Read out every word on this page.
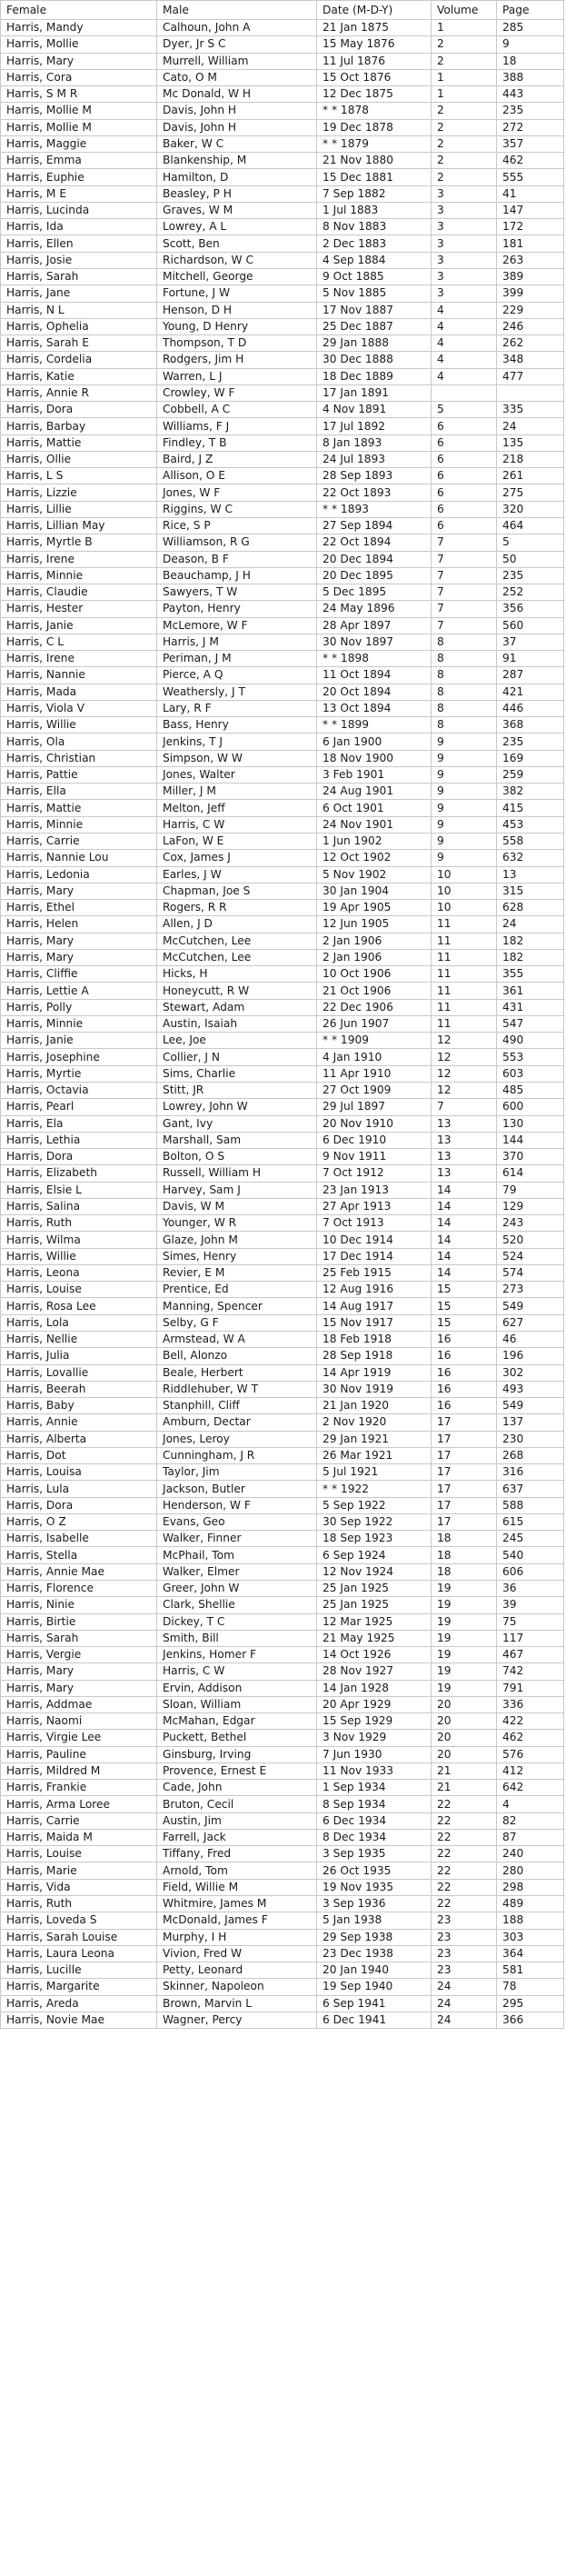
Female	Male	Date (M-D-Y)	Volume	Page
Harris, Mandy	Calhoun, John A	21 Jan 1875	1	285
Harris, Mollie	Dyer, Jr S C	15 May 1876	2	9
Harris, Mary	Murrell, William	11 Jul 1876	2	18
Harris, Cora	Cato, O M	15 Oct 1876	1	388
Harris, S M R	Mc Donald, W H	12 Dec 1875	1	443
Harris, Mollie M	Davis, John H	* * 1878	2	235
Harris, Mollie M	Davis, John H	19 Dec 1878	2	272
Harris, Maggie	Baker, W C	* * 1879	2	357
Harris, Emma	Blankenship, M	21 Nov 1880	2	462
Harris, Euphie	Hamilton, D	15 Dec 1881	2	555
Harris, M E	Beasley, P H	7 Sep 1882	3	41
Harris, Lucinda	Graves, W M	1 Jul 1883	3	147
Harris, Ida	Lowrey, A L	8 Nov 1883	3	172
Harris, Ellen	Scott, Ben	2 Dec 1883	3	181
Harris, Josie	Richardson, W C	4 Sep 1884	3	263
Harris, Sarah	Mitchell, George	9 Oct 1885	3	389
Harris, Jane	Fortune, J W	5 Nov 1885	3	399
Harris, N L	Henson, D H	17 Nov 1887	4	229
Harris, Ophelia	Young, D Henry	25 Dec 1887	4	246
Harris, Sarah E	Thompson, T D	29 Jan 1888	4	262
Harris, Cordelia	Rodgers, Jim H	30 Dec 1888	4	348
Harris, Katie	Warren, L J	18 Dec 1889	4	477
Harris, Annie R	Crowley, W F	17 Jan 1891		
Harris, Dora	Cobbell, A C	4 Nov 1891	5	335
Harris, Barbay	Williams, F J	17 Jul 1892	6	24
Harris, Mattie	Findley, T B	8 Jan 1893	6	135
Harris, Ollie	Baird, J Z	24 Jul 1893	6	218
Harris, L S	Allison, O E	28 Sep 1893	6	261
Harris, Lizzie	Jones, W F	22 Oct 1893	6	275
Harris, Lillie	Riggins, W C	* * 1893	6	320
Harris, Lillian May	Rice, S P	27 Sep 1894	6	464
Harris, Myrtle B	Williamson, R G	22 Oct 1894	7	5
Harris, Irene	Deason, B F	20 Dec 1894	7	50
Harris, Minnie	Beauchamp, J H	20 Dec 1895	7	235
Harris, Claudie	Sawyers, T W	5 Dec 1895	7	252
Harris, Hester	Payton, Henry	24 May 1896	7	356
Harris, Janie	McLemore, W F	28 Apr 1897	7	560
Harris, C L	Harris, J M	30 Nov 1897	8	37
Harris, Irene	Periman, J M	* * 1898	8	91
Harris, Nannie	Pierce, A Q	11 Oct 1894	8	287
Harris, Mada	Weathersly, J T	20 Oct 1894	8	421
Harris, Viola V	Lary, R F	13 Oct 1894	8	446
Harris, Willie	Bass, Henry	* * 1899	8	368
Harris, Ola	Jenkins, T J	6 Jan 1900	9	235
Harris, Christian	Simpson, W W	18 Nov 1900	9	169
Harris, Pattie	Jones, Walter	3 Feb 1901	9	259
Harris, Ella	Miller, J M	24 Aug 1901	9	382
Harris, Mattie	Melton, Jeff	6 Oct 1901	9	415
Harris, Minnie	Harris, C W	24 Nov 1901	9	453
Harris, Carrie	LaFon, W E	1 Jun 1902	9	558
Harris, Nannie Lou	Cox, James J	12 Oct 1902	9	632
Harris, Ledonia	Earles, J W	5 Nov 1902	10	13
Harris, Mary	Chapman, Joe S	30 Jan 1904	10	315
Harris, Ethel	Rogers, R R	19 Apr 1905	10	628
Harris, Helen	Allen, J D	12 Jun 1905	11	24
Harris, Mary	McCutchen, Lee	2 Jan 1906	11	182
Harris, Mary	McCutchen, Lee	2 Jan 1906	11	182
Harris, Cliffie	Hicks, H	10 Oct 1906	11	355
Harris, Lettie A	Honeycutt, R W	21 Oct 1906	11	361
Harris, Polly	Stewart, Adam	22 Dec 1906	11	431
Harris, Minnie	Austin, Isaiah	26 Jun 1907	11	547
Harris, Janie	Lee, Joe	* * 1909	12	490
Harris, Josephine	Collier, J N	4 Jan 1910	12	553
Harris, Myrtie	Sims, Charlie	11 Apr 1910	12	603
Harris, Octavia	Stitt, JR	27 Oct 1909	12	485
Harris, Pearl	Lowrey, John W	29 Jul 1897	7	600
Harris, Ela	Gant, Ivy	20 Nov 1910	13	130
Harris, Lethia	Marshall, Sam	6 Dec 1910	13	144
Harris, Dora	Bolton, O S	9 Nov 1911	13	370
Harris, Elizabeth	Russell, William H	7 Oct 1912	13	614
Harris, Elsie L	Harvey, Sam J	23 Jan 1913	14	79
Harris, Salina	Davis, W M	27 Apr 1913	14	129
Harris, Ruth	Younger, W R	7 Oct 1913	14	243
Harris, Wilma	Glaze, John M	10 Dec 1914	14	520
Harris, Willie	Simes, Henry	17 Dec 1914	14	524
Harris, Leona	Revier, E M	25 Feb 1915	14	574
Harris, Louise	Prentice, Ed	12 Aug 1916	15	273
Harris, Rosa Lee	Manning, Spencer	14 Aug 1917	15	549
Harris, Lola	Selby, G F	15 Nov 1917	15	627
Harris, Nellie	Armstead, W A	18 Feb 1918	16	46
Harris, Julia	Bell, Alonzo	28 Sep 1918	16	196
Harris, Lovallie	Beale, Herbert	14 Apr 1919	16	302
Harris, Beerah	Riddlehuber, W T	30 Nov 1919	16	493
Harris, Baby	Stanphill, Cliff	21 Jan 1920	16	549
Harris, Annie	Amburn, Dectar	2 Nov 1920	17	137
Harris, Alberta	Jones, Leroy	29 Jan 1921	17	230
Harris, Dot	Cunningham, J R	26 Mar 1921	17	268
Harris, Louisa	Taylor, Jim	5 Jul 1921	17	316
Harris, Lula	Jackson, Butler	* * 1922	17	637
Harris, Dora	Henderson, W F	5 Sep 1922	17	588
Harris, O Z	Evans, Geo	30 Sep 1922	17	615
Harris, Isabelle	Walker, Finner	18 Sep 1923	18	245
Harris, Stella	McPhail, Tom	6 Sep 1924	18	540
Harris, Annie Mae	Walker, Elmer	12 Nov 1924	18	606
Harris, Florence	Greer, John W	25 Jan 1925	19	36
Harris, Ninie	Clark, Shellie	25 Jan 1925	19	39
Harris, Birtie	Dickey, T C	12 Mar 1925	19	75
Harris, Sarah	Smith, Bill	21 May 1925	19	117
Harris, Vergie	Jenkins, Homer F	14 Oct 1926	19	467
Harris, Mary	Harris, C W	28 Nov 1927	19	742
Harris, Mary	Ervin, Addison	14 Jan 1928	19	791
Harris, Addmae	Sloan, William	20 Apr 1929	20	336
Harris, Naomi	McMahan, Edgar	15 Sep 1929	20	422
Harris, Virgie Lee	Puckett, Bethel	3 Nov 1929	20	462
Harris, Pauline	Ginsburg, Irving	7 Jun 1930	20	576
Harris, Mildred M	Provence, Ernest E	11 Nov 1933	21	412
Harris, Frankie	Cade, John	1 Sep 1934	21	642
Harris, Arma Loree	Bruton, Cecil	8 Sep 1934	22	4
Harris, Carrie	Austin, Jim	6 Dec 1934	22	82
Harris, Maida M	Farrell, Jack	8 Dec 1934	22	87
Harris, Louise	Tiffany, Fred	3 Sep 1935	22	240
Harris, Marie	Arnold, Tom	26 Oct 1935	22	280
Harris, Vida	Field, Willie M	19 Nov 1935	22	298
Harris, Ruth	Whitmire, James M	3 Sep 1936	22	489
Harris, Loveda S	McDonald, James F	5 Jan 1938	23	188
Harris, Sarah Louise	Murphy, I H	29 Sep 1938	23	303
Harris, Laura Leona	Vivion, Fred W	23 Dec 1938	23	364
Harris, Lucille	Petty, Leonard	20 Jan 1940	23	581
Harris, Margarite	Skinner, Napoleon	19 Sep 1940	24	78
Harris, Areda	Brown, Marvin L	6 Sep 1941	24	295
Harris, Novie Mae	Wagner, Percy	6 Dec 1941	24	366
